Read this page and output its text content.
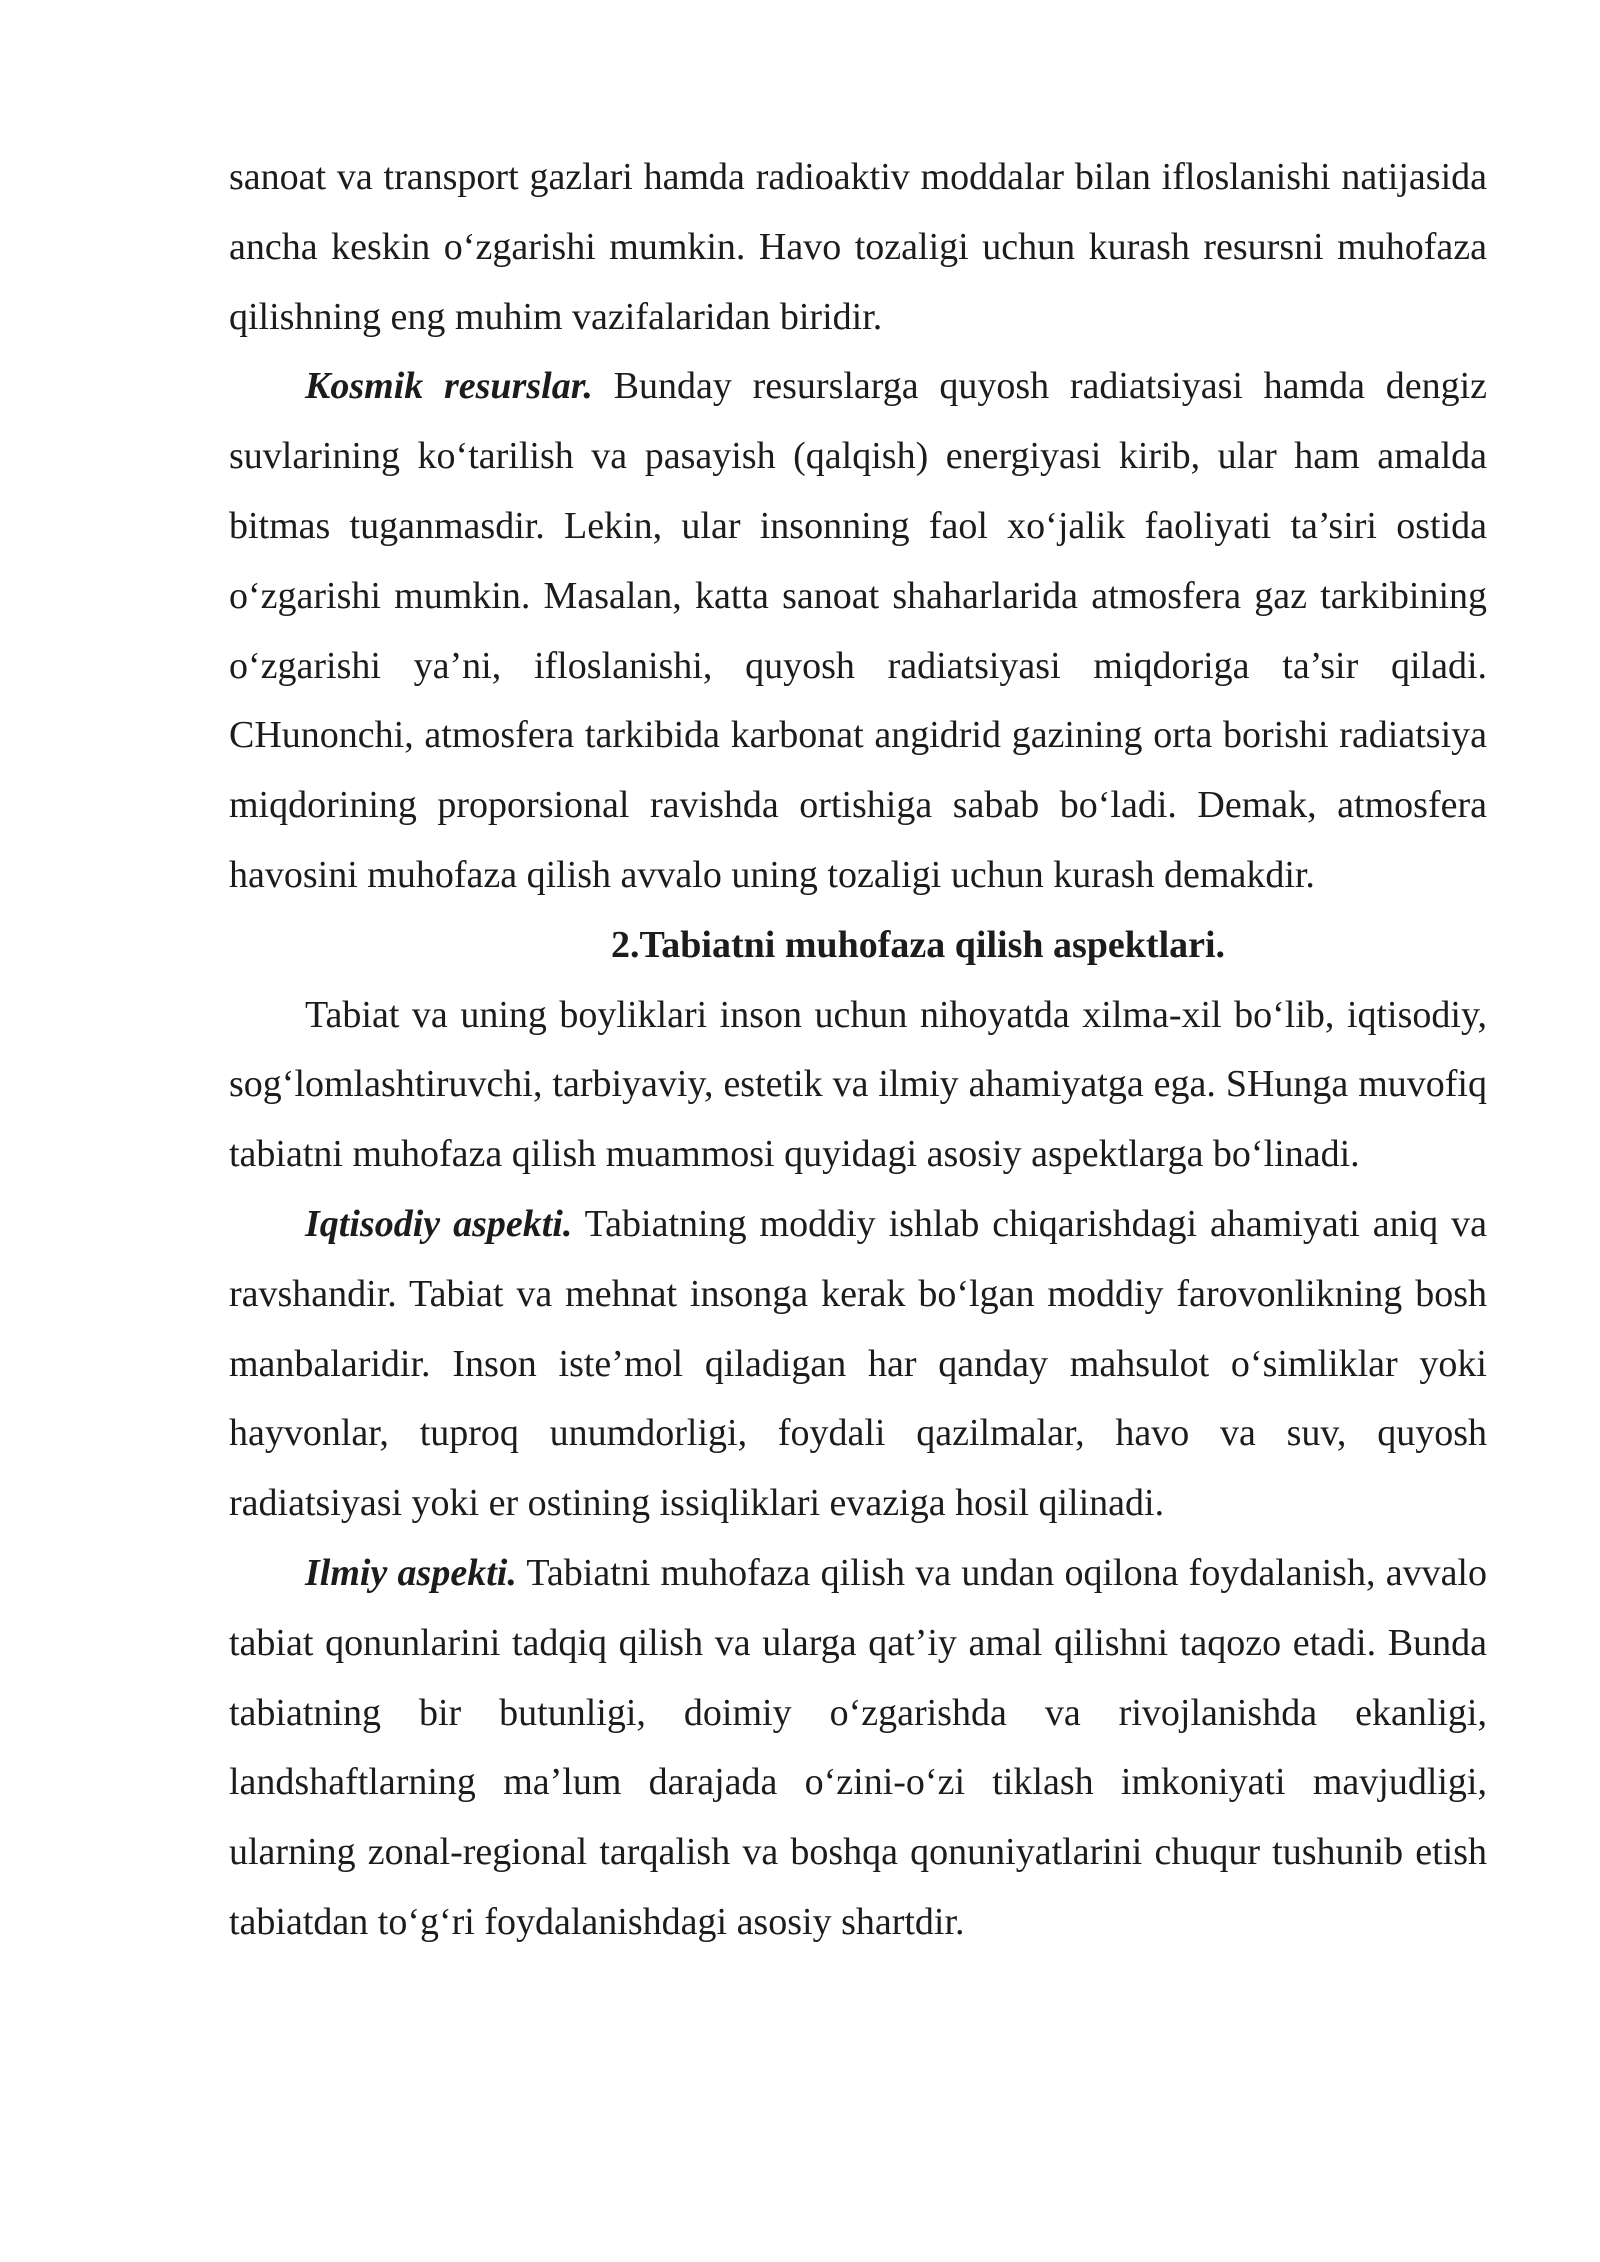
sanoat va transport gazlari hamda radioaktiv moddalar bilan ifloslanishi natijasida ancha keskin o‘zgarishi mumkin. Havo tozaligi uchun kurash resursni muhofaza qilishning eng muhim vazifalaridan biridir.

Kosmik resurslar. Bunday resurslarga quyosh radiatsiyasi hamda dengiz suvlarining ko‘tarilish va pasayish (qalqish) energiyasi kirib, ular ham amalda bitmas tuganmasdir. Lekin, ular insonning faol xo‘jalik faoliyati ta’siri ostida o‘zgarishi mumkin. Masalan, katta sanoat shaharlarida atmosfera gaz tarkibining o‘zgarishi ya’ni, ifloslanishi, quyosh radiatsiyasi miqdoriga ta’sir qiladi. CHunonchi, atmosfera tarkibida karbonat angidrid gazining orta borishi radiatsiya miqdorining proporsional ravishda ortishiga sabab bo‘ladi. Demak, atmosfera havosini muhofaza qilish avvalo uning tozaligi uchun kurash demakdir.

2.Tabiatni muhofaza qilish aspektlari.

Tabiat va uning boyliklari inson uchun nihoyatda xilma-xil bo‘lib, iqtisodiy, sog‘lomlashtiruvchi, tarbiyaviy, estetik va ilmiy ahamiyatga ega. SHunga muvofiq tabiatni muhofaza qilish muammosi quyidagi asosiy aspektlarga bo‘linadi.

Iqtisodiy aspekti. Tabiatning moddiy ishlab chiqarishdagi ahamiyati aniq va ravshandir. Tabiat va mehnat insonga kerak bo‘lgan moddiy farovonlikning bosh manbalaridir. Inson iste’mol qiladigan har qanday mahsulot o‘simliklar yoki hayvonlar, tuproq unumdorligi, foydali qazilmalar, havo va suv, quyosh radiatsiyasi yoki er ostining issiqliklari evaziga hosil qilinadi.

Ilmiy aspekti. Tabiatni muhofaza qilish va undan oqilona foydalanish, avvalo tabiat qonunlarini tadqiq qilish va ularga qat’iy amal qilishni taqozo etadi. Bunda tabiatning bir butunligi, doimiy o‘zgarishda va rivojlanishda ekanligi, landshaftlarning ma’lum darajada o‘zini-o‘zi tiklash imkoniyati mavjudligi, ularning zonal-regional tarqalish va boshqa qonuniyatlarini chuqur tushunib etish tabiatdan to‘g‘ri foydalanishdagi asosiy shartdir.
